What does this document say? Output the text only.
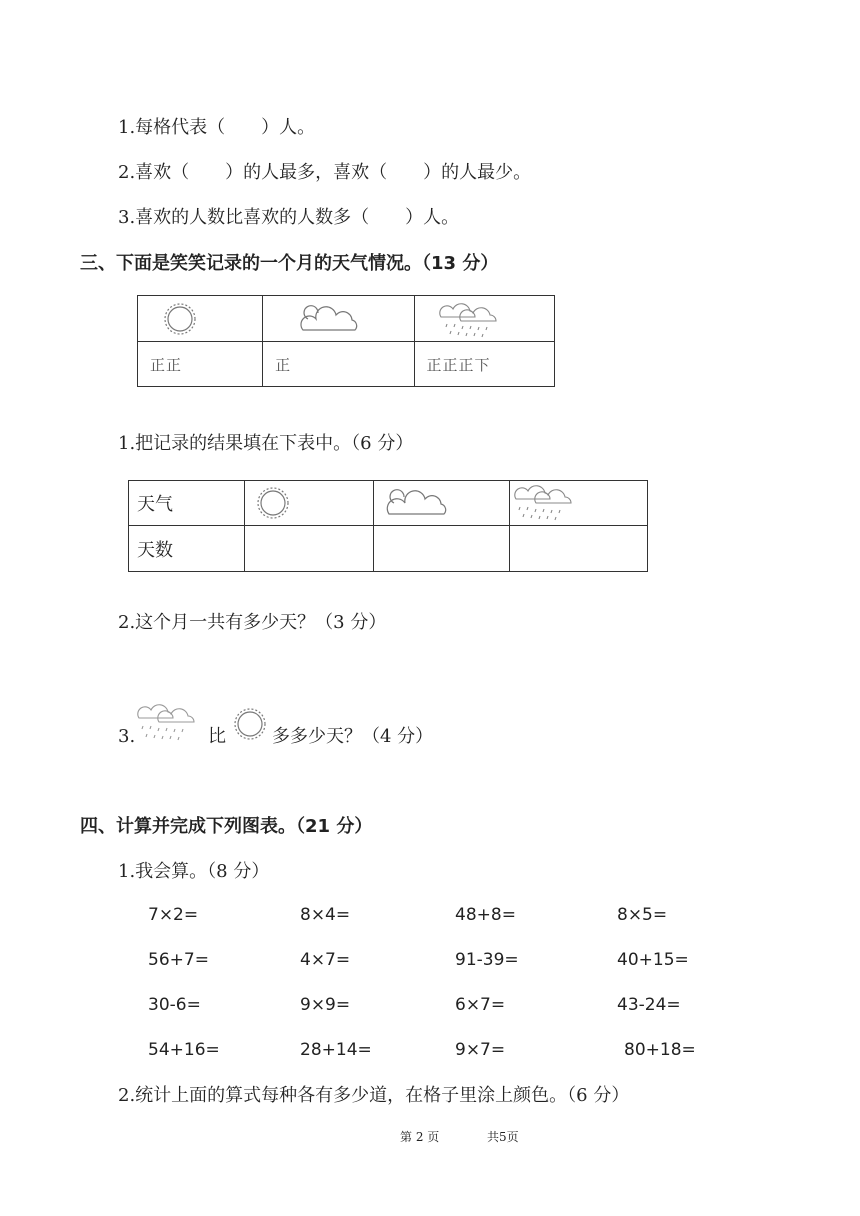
1.每格代表（　　）人。
2.喜欢（　　）的人最多，喜欢（　　）的人最少。
3.喜欢的人数比喜欢的人数多（　　）人。
三、下面是笑笑记录的一个月的天气情况。（13 分）

正正	正	正正正下
1.把记录的结果填在下表中。（6 分）
天气	

天数			
2.这个月一共有多少天？（3 分）
3.	比	多多少天？（4 分）
四、计算并完成下列图表。（21 分）
1.我会算。（8 分）
7×2=	8×4=	48+8=	8×5=
56+7=	4×7=	91-39=	40+15=
30-6=	9×9=	6×7=	43-24=
54+16=	28+14=	9×7=	80+18=
2.统计上面的算式每种各有多少道，在格子里涂上颜色。（6 分）
第 2 页	共5页
